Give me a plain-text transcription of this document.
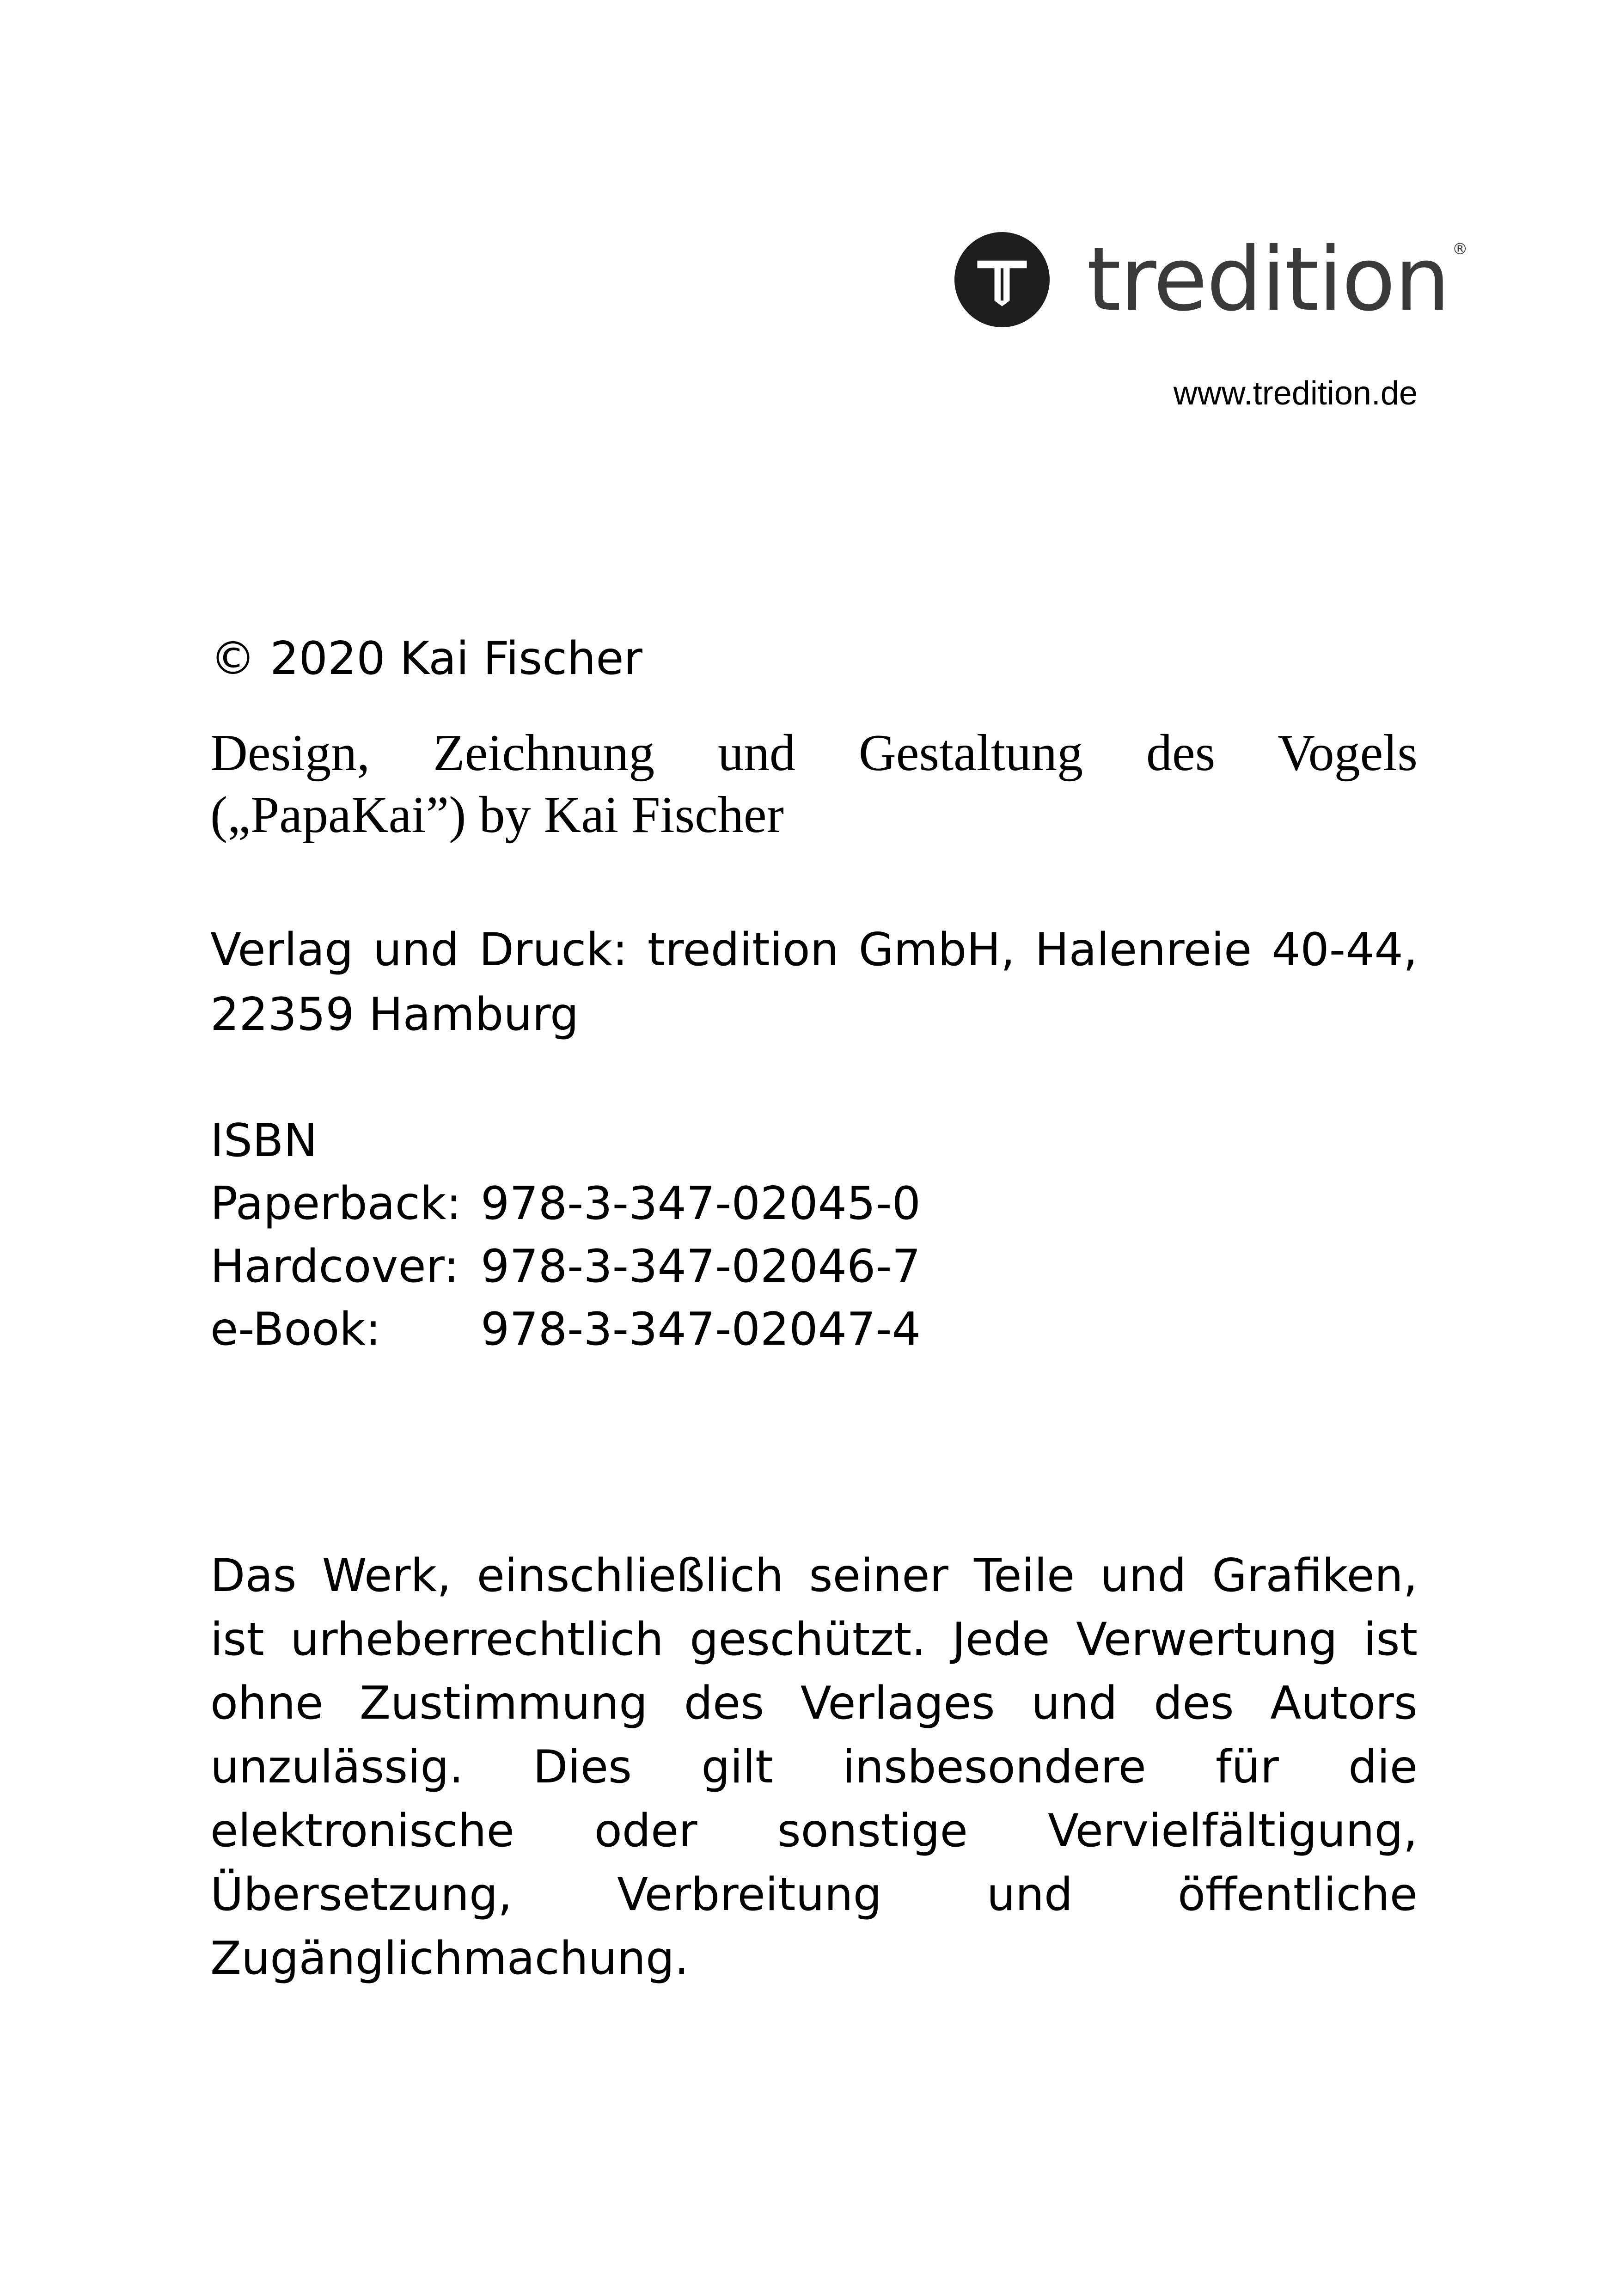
tredition ®
www.tredition.de
© 2020 Kai Fischer
Design, Zeichnung und Gestaltung des Vogels („PapaKai”) by Kai Fischer
Verlag und Druck: tredition GmbH, Halenreie 40-44, 22359 Hamburg
ISBN
Paperback: 978-3-347-02045-0
Hardcover: 978-3-347-02046-7
e-Book:	978-3-347-02047-4
Das Werk, einschließlich seiner Teile und Grafiken, ist urheberrechtlich geschützt. Jede Verwertung ist ohne Zustimmung des Verlages und des Autors unzulässig. Dies gilt insbesondere für die elektronische oder sonstige Vervielfältigung, Übersetzung, Verbreitung und öffentliche Zugänglichmachung.
